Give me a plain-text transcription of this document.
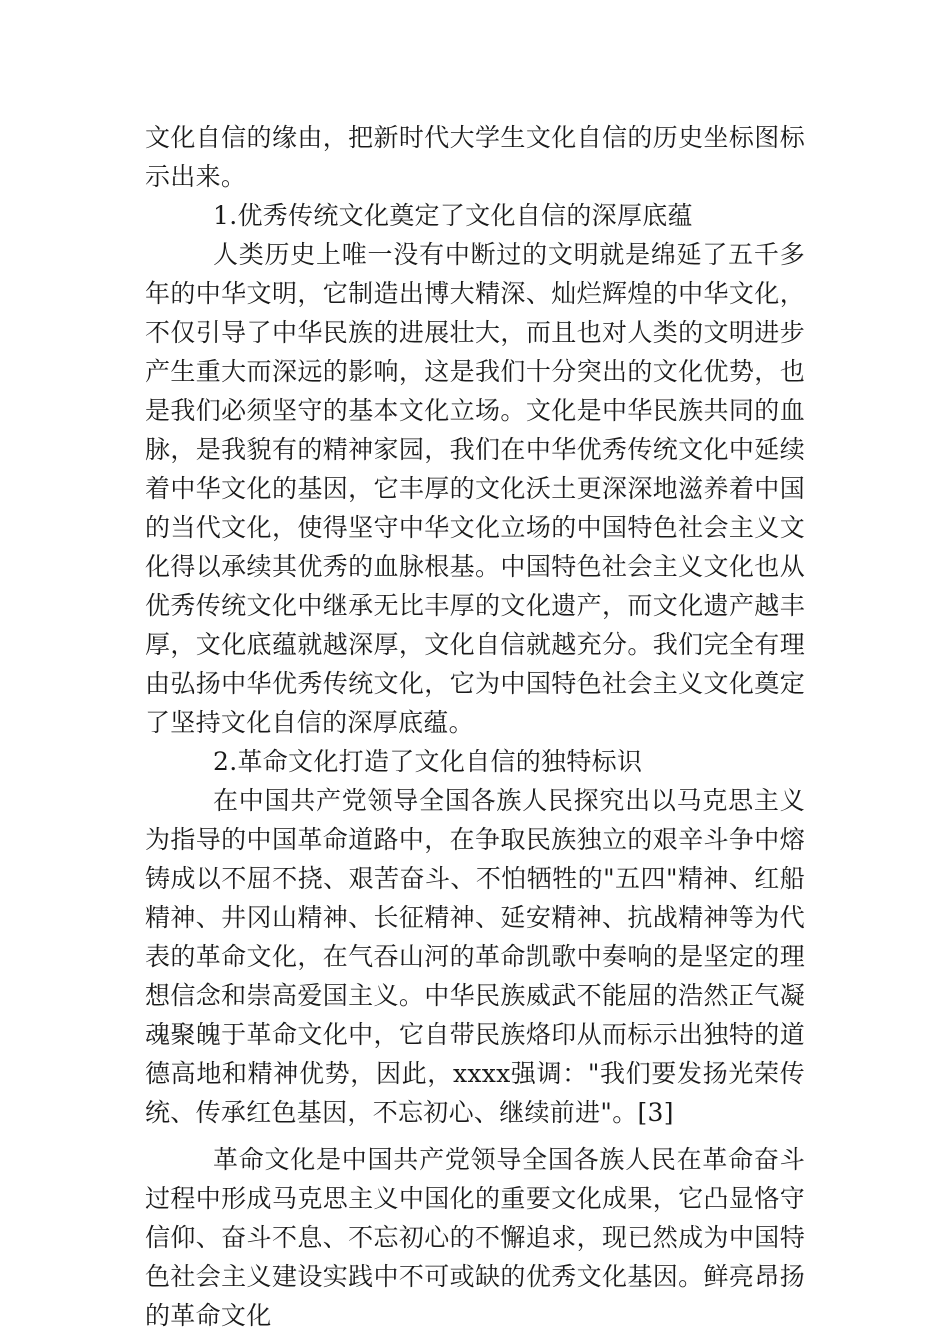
文化自信的缘由，把新时代大学生文化自信的历史坐标图标示出来。

1.优秀传统文化奠定了文化自信的深厚底蕴

人类历史上唯一没有中断过的文明就是绵延了五千多年的中华文明，它制造出博大精深、灿烂辉煌的中华文化，不仅引导了中华民族的进展壮大，而且也对人类的文明进步产生重大而深远的影响，这是我们十分突出的文化优势，也是我们必须坚守的基本文化立场。文化是中华民族共同的血脉，是我貌有的精神家园，我们在中华优秀传统文化中延续着中华文化的基因，它丰厚的文化沃土更深深地滋养着中国的当代文化，使得坚守中华文化立场的中国特色社会主义文化得以承续其优秀的血脉根基。中国特色社会主义文化也从优秀传统文化中继承无比丰厚的文化遗产，而文化遗产越丰厚，文化底蕴就越深厚，文化自信就越充分。我们完全有理由弘扬中华优秀传统文化，它为中国特色社会主义文化奠定了坚持文化自信的深厚底蕴。

2.革命文化打造了文化自信的独特标识

在中国共产党领导全国各族人民探究出以马克思主义为指导的中国革命道路中，在争取民族独立的艰辛斗争中熔铸成以不屈不挠、艰苦奋斗、不怕牺牲的"五四"精神、红船精神、井冈山精神、长征精神、延安精神、抗战精神等为代表的革命文化，在气吞山河的革命凯歌中奏响的是坚定的理想信念和崇高爱国主义。中华民族威武不能屈的浩然正气凝魂聚魄于革命文化中，它自带民族烙印从而标示出独特的道德高地和精神优势，因此，xxxx强调："我们要发扬光荣传统、传承红色基因，不忘初心、继续前进"。[3]

革命文化是中国共产党领导全国各族人民在革命奋斗过程中形成马克思主义中国化的重要文化成果，它凸显恪守信仰、奋斗不息、不忘初心的不懈追求，现已然成为中国特色社会主义建设实践中不可或缺的优秀文化基因。鲜亮昂扬的革命文化
